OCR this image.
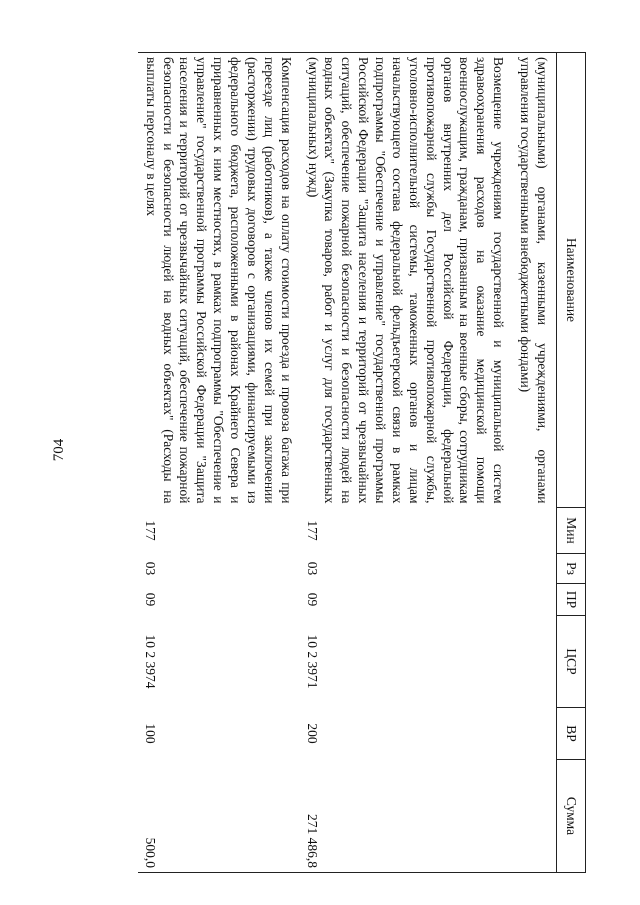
704
Наименование	Мин	Рз	ПР	ЦСР	ВР	Сумма
(муниципальными) органами, казенными учреждениями, органами управления государственными внебюджетными фондами)						
Возмещение учреждениям государственной и муниципальной систем здравоохранения расходов на оказание медицинской помощи военнослужащим, гражданам, призванным на военные сборы, сотрудникам органов внутренних дел Российской Федерации, федеральной противопожарной службы Государственной противопожарной службы, уголовно-исполнительной системы, таможенных органов и лицам начальствующего состава федеральной фельдъегерской связи в рамках подпрограммы "Обеспечение и управление" государственной программы Российской Федерации "Защита населения и территорий от чрезвычайных ситуаций, обеспечение пожарной безопасности и безопасности людей на водных объектах" (Закупка товаров, работ и услуг для государственных (муниципальных) нужд)	177	03	09	10 2 3971	200	271 486,8
Компенсация расходов на оплату стоимости проезда и провоза багажа при переезде лиц (работников), а также членов их семей при заключении (расторжении) трудовых договоров с организациями, финансируемыми из федерального бюджета, расположенными в районах Крайнего Севера и приравненных к ним местностях, в рамках подпрограммы "Обеспечение и управление" государственной программы Российской Федерации "Защита населения и территорий от чрезвычайных ситуаций, обеспечение пожарной безопасности и безопасности людей на водных объектах" (Расходы на выплаты персоналу в целях	177	03	09	10 2 3974	100	500,0
